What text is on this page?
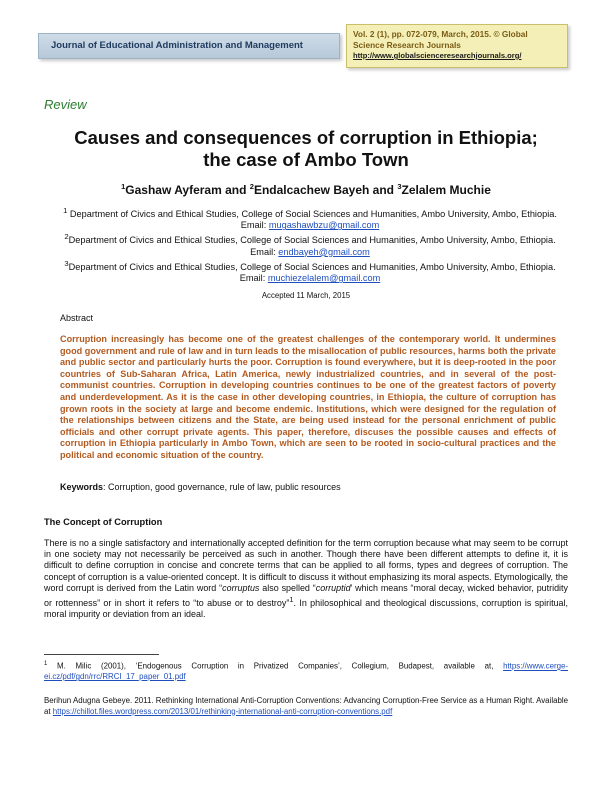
Journal of Educational Administration and Management
Vol. 2 (1), pp. 072-079, March, 2015. © Global Science Research Journals
http://www.globalscienceresearchjournals.org/
Review
Causes and consequences of corruption in Ethiopia;
the case of Ambo Town
$^1$Gashaw Ayferam and $^2$Endalcachew Bayeh and $^3$Zelalem Muchie
$^1$ Department of Civics and Ethical Studies, College of Social Sciences and Humanities, Ambo University, Ambo, Ethiopia. Email: mugashawbzu@gmail.com
$^2$Department of Civics and Ethical Studies, College of Social Sciences and Humanities, Ambo University, Ambo, Ethiopia. Email: endbayeh@gmail.com
$^3$Department of Civics and Ethical Studies, College of Social Sciences and Humanities, Ambo University, Ambo, Ethiopia. Email: muchiezelalem@gmail.com
Accepted 11 March, 2015
Abstract
Corruption increasingly has become one of the greatest challenges of the contemporary world. It undermines good government and rule of law and in turn leads to the misallocation of public resources, harms both the private and public sector and particularly hurts the poor. Corruption is found everywhere, but it is deep-rooted in the poor countries of Sub-Saharan Africa, Latin America, newly industrialized countries, and in several of the post-communist countries. Corruption in developing countries continues to be one of the greatest factors of poverty and underdevelopment. As it is the case in other developing countries, in Ethiopia, the culture of corruption has grown roots in the society at large and become endemic. Institutions, which were designed for the regulation of the relationships between citizens and the State, are being used instead for the personal enrichment of public officials and other corrupt private agents. This paper, therefore, discuses the possible causes and effects of corruption in Ethiopia particularly in Ambo Town, which are seen to be rooted in socio-cultural practices and the political and economic situation of the country.
Keywords: Corruption, good governance, rule of law, public resources
The Concept of Corruption
There is no a single satisfactory and internationally accepted definition for the term corruption because what may seem to be corrupt in one society may not necessarily be perceived as such in another. Though there have been different attempts to define it, it is difficult to define corruption in concise and concrete terms that can be applied to all forms, types and degrees of corruption. The concept of corruption is a value-oriented concept. It is difficult to discuss it without emphasizing its moral aspects. Etymologically, the word corrupt is derived from the Latin word “corruptus also spelled “corruptid’ which means “moral decay, wicked behavior, putridity or rottenness” or in short it refers to “to abuse or to destroy”$^1$. In philosophical and theological discussions, corruption is spiritual, moral impurity or deviation from an ideal.
$^1$ M. Milic (2001), ‘Endogenous Corruption in Privatized Companies’, Collegium, Budapest, available at, https://www.cerge-ei.cz/pdf/gdn/rrc/RRCI_17_paper_01.pdf
Berihun Adugna Gebeye. 2011. Rethinking International Anti-Corruption Conventions: Advancing Corruption-Free Service as a Human Right. Available at https://chillot.files.wordpress.com/2013/01/rethinking-international-anti-corruption-conventions.pdf
